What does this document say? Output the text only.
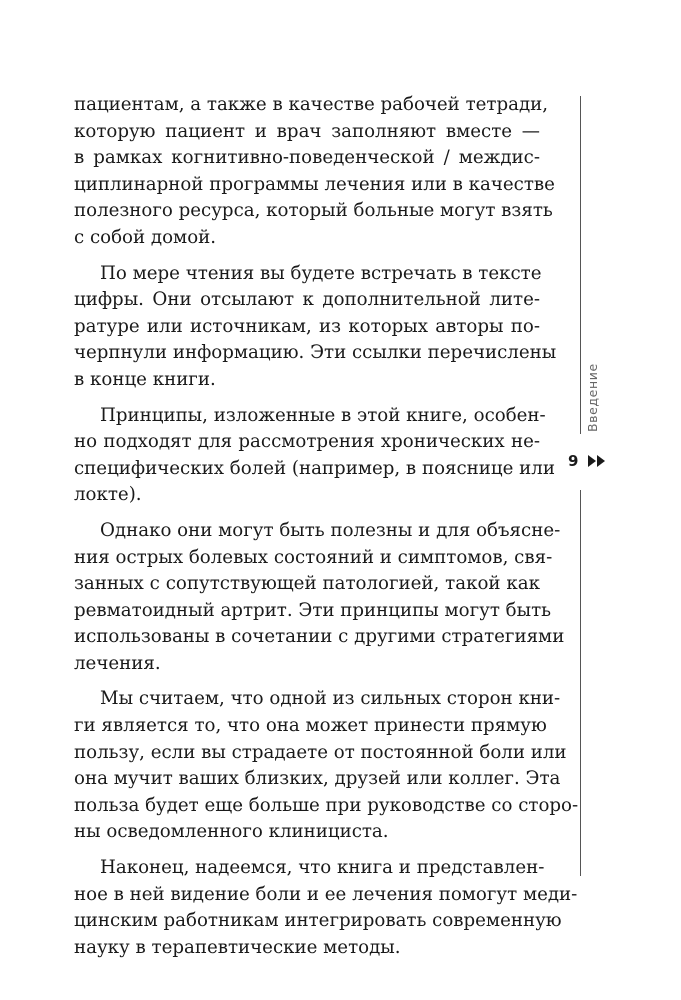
пациентам, а также в качестве рабочей тетради,
которую пациент и врач заполняют вместе —
в рамках когнитивно-поведенческой / междис-
циплинарной программы лечения или в качестве
полезного ресурса, который больные могут взять
с собой домой.
По мере чтения вы будете встречать в тексте
цифры. Они отсылают к дополнительной лите-
ратуре или источникам, из которых авторы по-
черпнули информацию. Эти ссылки перечислены
в конце книги.
Принципы, изложенные в этой книге, особен-
но подходят для рассмотрения хронических не-
специфических болей (например, в пояснице или
локте).
Однако они могут быть полезны и для объясне-
ния острых болевых состояний и симптомов, свя-
занных с сопутствующей патологией, такой как
ревматоидный артрит. Эти принципы могут быть
использованы в сочетании с другими стратегиями
лечения.
Мы считаем, что одной из сильных сторон кни-
ги является то, что она может принести прямую
пользу, если вы страдаете от постоянной боли или
она мучит ваших близких, друзей или коллег. Эта
польза будет еще больше при руководстве со сторо-
ны осведомленного клинициста.
Наконец, надеемся, что книга и представлен-
ное в ней видение боли и ее лечения помогут меди-
цинским работникам интегрировать современную
науку в терапевтические методы.
Введение
9
